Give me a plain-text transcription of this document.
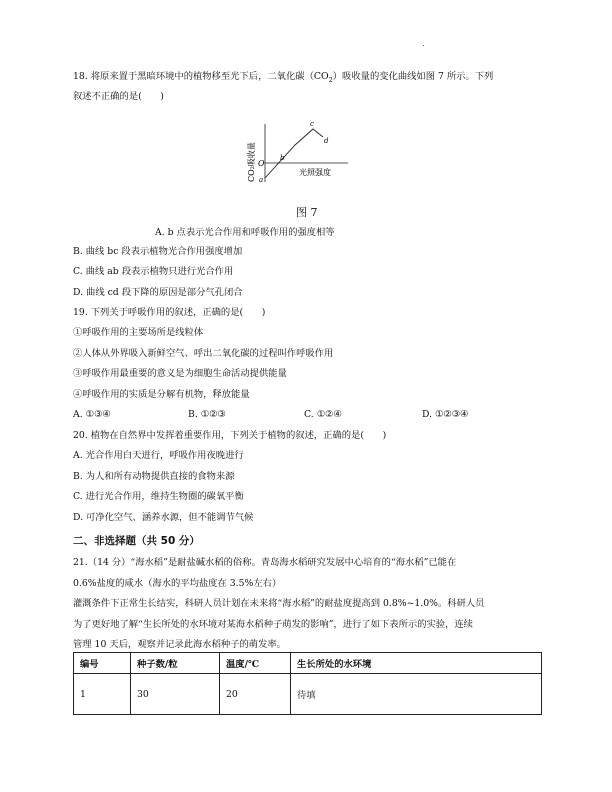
18. 将原来置于黑暗环境中的植物移至光下后，二氧化碳$(CO_2)$吸收量的变化曲线如图 7 所示。下列
叙述不正确的是(　　)
CO₂吸收量 O
a
b
c
d
光照强度
图 7
A. b 点表示光合作用和呼吸作用的强度相等
B. 曲线 bc 段表示植物光合作用强度增加
C. 曲线 ab 段表示植物只进行光合作用
D. 曲线 cd 段下降的原因是部分气孔闭合
19. 下列关于呼吸作用的叙述，正确的是(　　)
①呼吸作用的主要场所是线粒体
②人体从外界吸入新鲜空气、呼出二氧化碳的过程叫作呼吸作用
③呼吸作用最重要的意义是为细胞生命活动提供能量
④呼吸作用的实质是分解有机物，释放能量
A. ①③④	B. ①②③	C. ①②④	D. ①②③④
20. 植物在自然界中发挥着重要作用，下列关于植物的叙述，正确的是(　　)
A. 光合作用白天进行，呼吸作用夜晚进行
B. 为人和所有动物提供直接的食物来源
C. 进行光合作用，维持生物圈的碳氧平衡
D. 可净化空气、涵养水源，但不能调节气候
二、非选择题（共 50 分）
21.（14 分）“海水稻”是耐盐碱水稻的俗称。青岛海水稻研究发展中心培育的“海水稻”已能在
0.6%盐度的咸水（海水的平均盐度在 3.5%左右）
灌溉条件下正常生长结实，科研人员计划在未来将“海水稻”的耐盐度提高到 0.8%~1.0%。科研人员
为了更好地了解“生长所处的水环境对某海水稻种子萌发的影响”，进行了如下表所示的实验，连续
管理 10 天后，观察并记录此海水稻种子的萌发率。
编号	种子数/粒	温度/℃	生长所处的水环境
1	30	20	待填
